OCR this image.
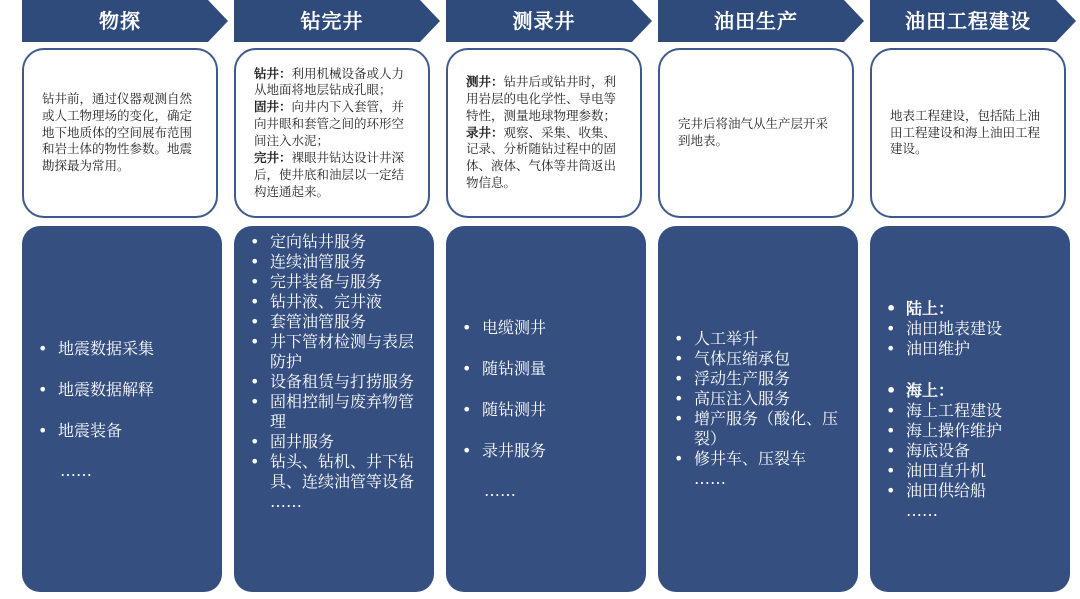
物探
钻井前，通过仪器观测自然或人工物理场的变化，确定地下地质体的空间展布范围和岩土体的物性参数。地震勘探最为常用。
• 地震数据采集
• 地震数据解释
• 地震装备
……
钻完井
钻井：利用机械设备或人力从地面将地层钻成孔眼；
固井：向井内下入套管，并向井眼和套管之间的环形空间注入水泥；
完井：裸眼井钻达设计井深后，使井底和油层以一定结构连通起来。
• 定向钻井服务
• 连续油管服务
• 完井装备与服务
• 钻井液、完井液
• 套管油管服务
• 井下管材检测与表层防护
• 设备租赁与打捞服务
• 固相控制与废弃物管理
• 固井服务
• 钻头、钻机、井下钻具、连续油管等设备
……
测录井
测井：钻井后或钻井时，利用岩层的电化学性、导电等特性，测量地球物理参数；
录井：观察、采集、收集、记录、分析随钻过程中的固体、液体、气体等井筒返出物信息。
• 电缆测井
• 随钻测量
• 随钻测井
• 录井服务
……
油田生产
完井后将油气从生产层开采到地表。
• 人工举升
• 气体压缩承包
• 浮动生产服务
• 高压注入服务
• 增产服务（酸化、压裂）
• 修井车、压裂车
……
油田工程建设
地表工程建设，包括陆上油田工程建设和海上油田工程建设。
• 陆上：
• 油田地表建设
• 油田维护
• 海上：
• 海上工程建设
• 海上操作维护
• 海底设备
• 油田直升机
• 油田供给船
……
